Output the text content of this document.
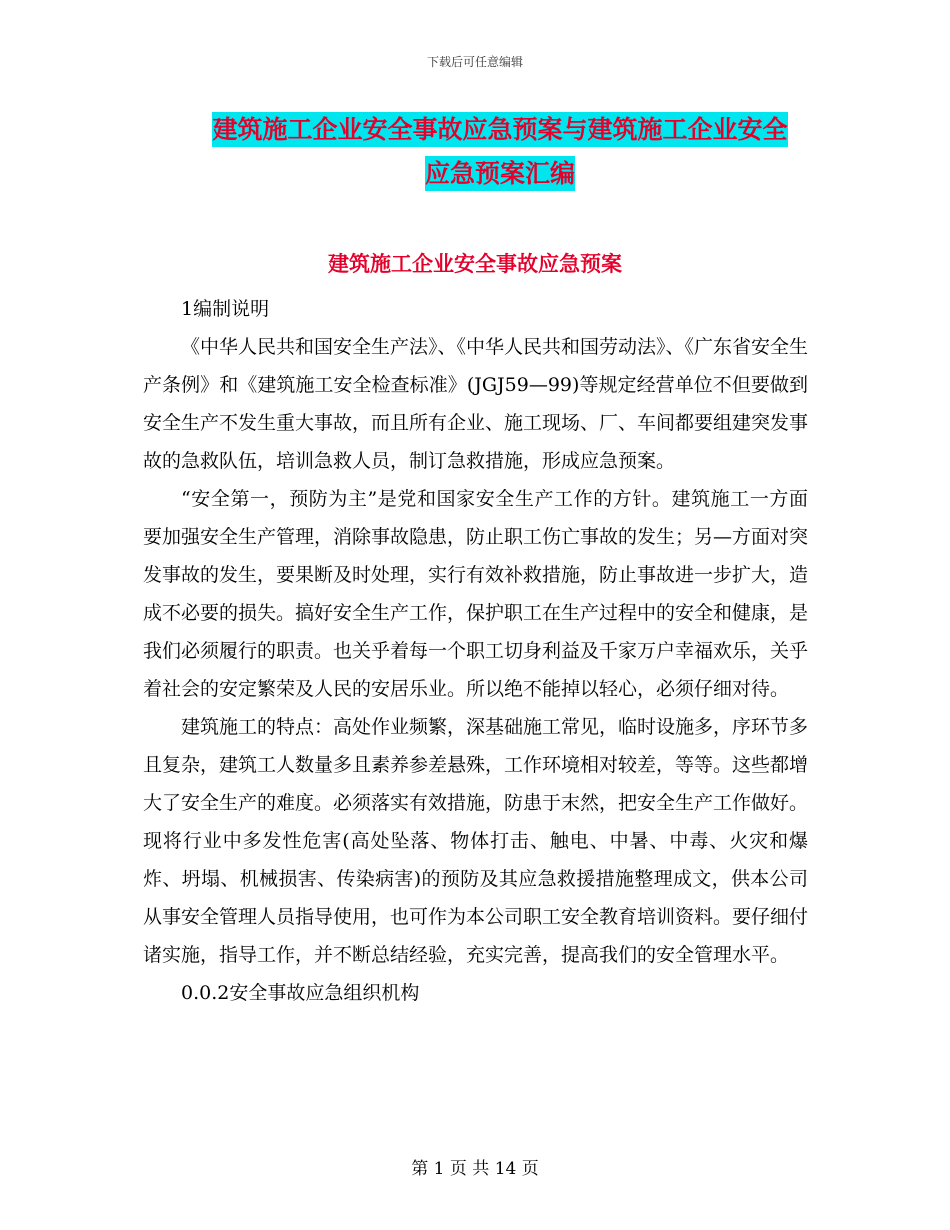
下载后可任意编辑
建筑施工企业安全事故应急预案与建筑施工企业安全
应急预案汇编
建筑施工企业安全事故应急预案

1编制说明

《中华人民共和国安全生产法》、《中华人民共和国劳动法》、《广东省安全生产条例》和《建筑施工安全检查标准》(JGJ59—99)等规定经营单位不但要做到安全生产不发生重大事故，而且所有企业、施工现场、厂、车间都要组建突发事故的急救队伍，培训急救人员，制订急救措施，形成应急预案。

“安全第一，预防为主”是党和国家安全生产工作的方针。建筑施工一方面要加强安全生产管理，消除事故隐患，防止职工伤亡事故的发生；另—方面对突发事故的发生，要果断及时处理，实行有效补救措施，防止事故进一步扩大，造成不必要的损失。搞好安全生产工作，保护职工在生产过程中的安全和健康，是我们必须履行的职责。也关乎着每一个职工切身利益及千家万户幸福欢乐，关乎着社会的安定繁荣及人民的安居乐业。所以绝不能掉以轻心，必须仔细对待。

建筑施工的特点：高处作业频繁，深基础施工常见，临时设施多，序环节多且复杂，建筑工人数量多且素养参差悬殊，工作环境相对较差，等等。这些都增大了安全生产的难度。必须落实有效措施，防患于末然，把安全生产工作做好。现将行业中多发性危害(高处坠落、物体打击、触电、中暑、中毒、火灾和爆炸、坍塌、机械损害、传染病害)的预防及其应急救援措施整理成文，供本公司从事安全管理人员指导使用，也可作为本公司职工安全教育培训资料。要仔细付诸实施，指导工作，并不断总结经验，充实完善，提高我们的安全管理水平。

0.0.2安全事故应急组织机构

第 1 页 共 14 页
